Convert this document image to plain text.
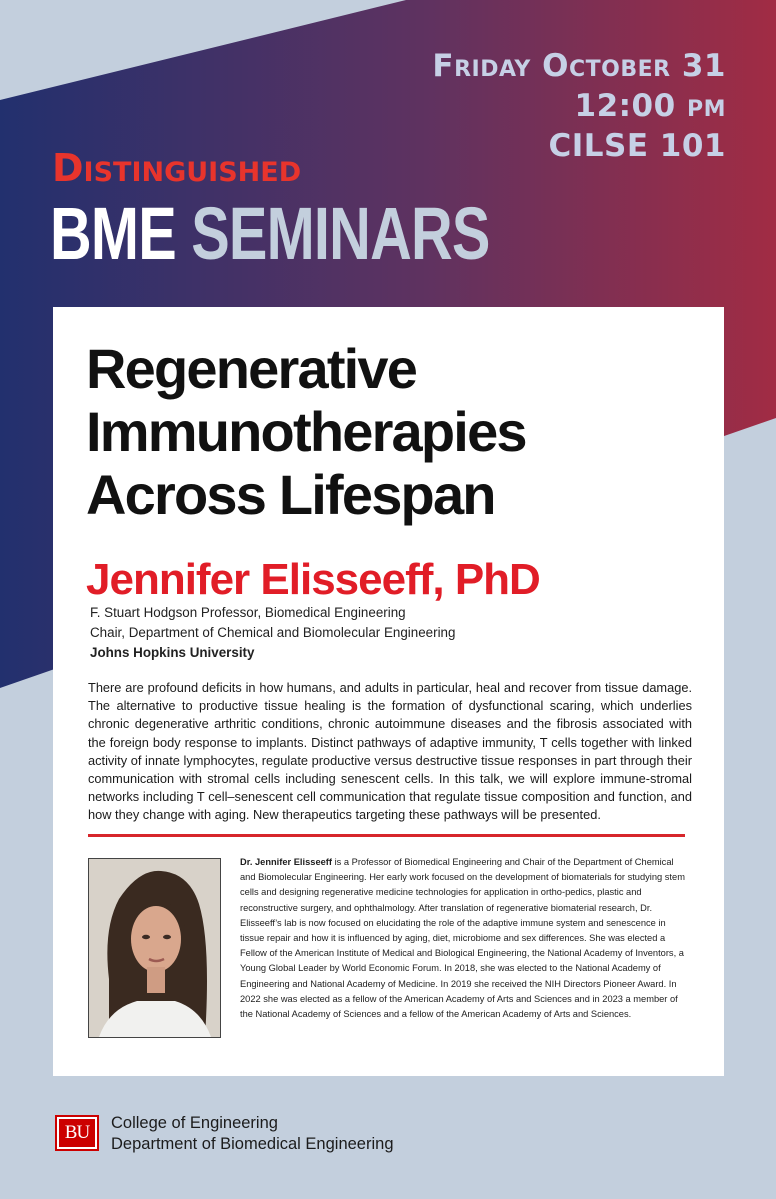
Friday October 31
12:00 pm
CILSE 101
Distinguished
BME SEMINARS
Regenerative
Immunotherapies
Across Lifespan
Jennifer Elisseeff, PhD
F. Stuart Hodgson Professor, Biomedical Engineering
Chair, Department of Chemical and Biomolecular Engineering
Johns Hopkins University
There are profound deficits in how humans, and adults in particular, heal and recover from tissue damage. The alternative to productive tissue healing is the formation of dysfunctional scaring, which underlies chronic degenerative arthritic conditions, chronic autoimmune diseases and the fibrosis associated with the foreign body response to implants. Distinct pathways of adaptive immunity, T cells together with linked activity of innate lymphocytes, regulate productive versus destructive tissue responses in part through their communication with stromal cells including senescent cells. In this talk, we will explore immune-stromal networks including T cell–senescent cell communication that regulate tissue composition and function, and how they change with aging. New therapeutics targeting these pathways will be presented.
Dr. Jennifer Elisseeff is a Professor of Biomedical Engineering and Chair of the Department of Chemical and Biomolecular Engineering. Her early work focused on the development of biomaterials for studying stem cells and designing regenerative medicine technologies for application in ortho-pedics, plastic and reconstructive surgery, and ophthalmology. After translation of regenerative biomaterial research, Dr. Elisseeff’s lab is now focused on elucidating the role of the adaptive immune system and senescence in tissue repair and how it is influenced by aging, diet, microbiome and sex differences. She was elected a Fellow of the American Institute of Medical and Biological Engineering, the National Academy of Inventors, a Young Global Leader by World Economic Forum. In 2018, she was elected to the National Academy of Engineering and National Academy of Medicine. In 2019 she received the NIH Directors Pioneer Award. In 2022 she was elected as a fellow of the American Academy of Arts and Sciences and in 2023 a member of the National Academy of Sciences and a fellow of the American Academy of Arts and Sciences.
BU	College of Engineering
Department of Biomedical Engineering
